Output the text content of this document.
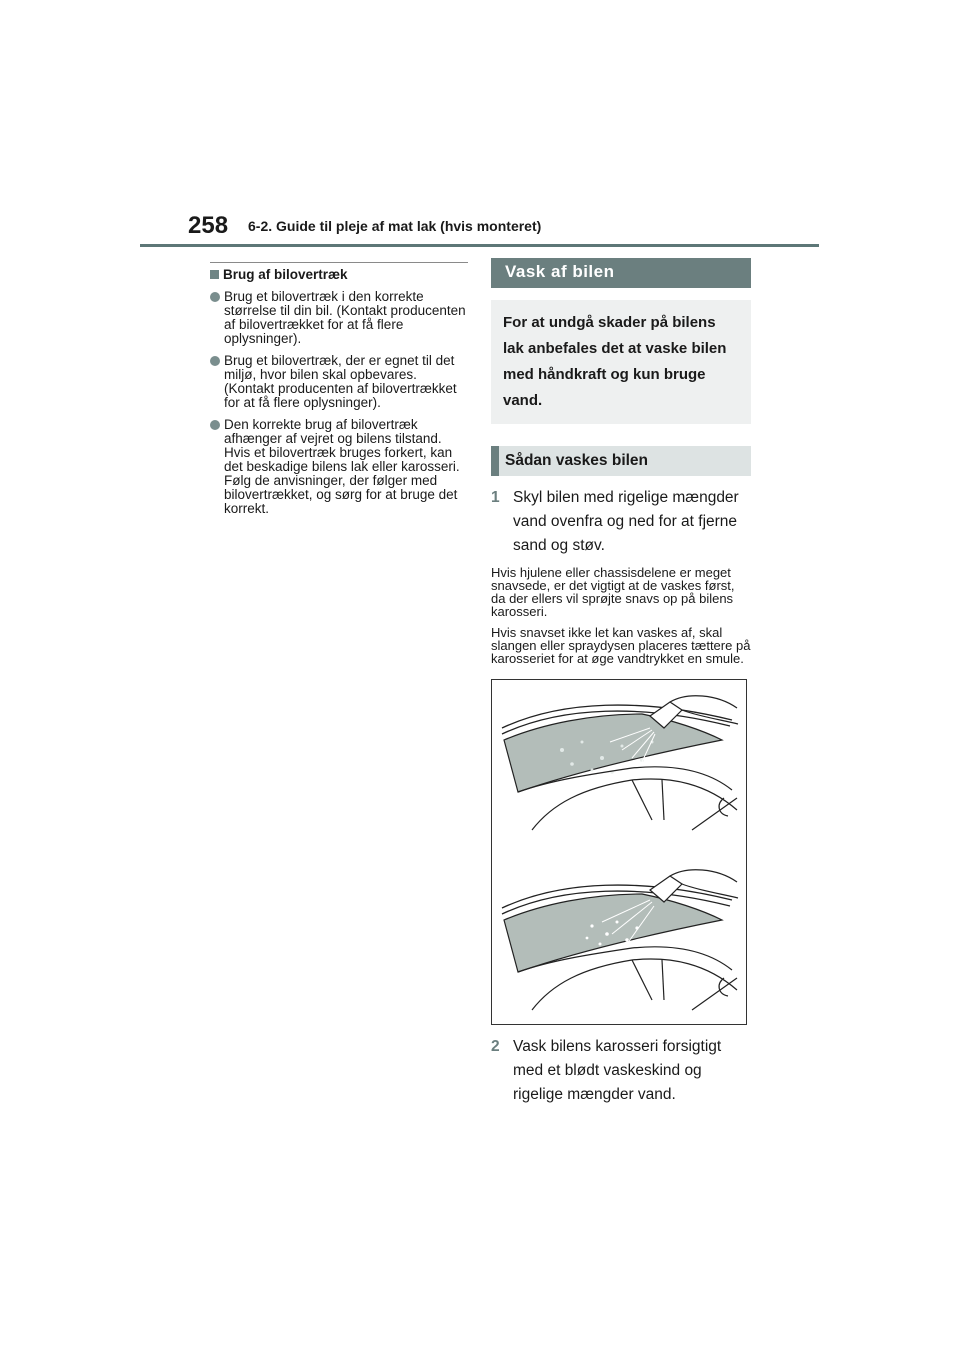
258 6-2. Guide til pleje af mat lak (hvis monteret)
Brug af bilovertræk
Brug et bilovertræk i den korrekte størrelse til din bil. (Kontakt producenten af bilovertrækket for at få flere oplysninger).
Brug et bilovertræk, der er egnet til det miljø, hvor bilen skal opbevares. (Kontakt producenten af bilovertrækket for at få flere oplysninger).
Den korrekte brug af bilovertræk afhænger af vejret og bilens tilstand. Hvis et bilovertræk bruges forkert, kan det beskadige bilens lak eller karosseri. Følg de anvisninger, der følger med bilovertrækket, og sørg for at bruge det korrekt.
Vask af bilen
For at undgå skader på bilens lak anbefales det at vaske bilen med håndkraft og kun bruge vand.
Sådan vaskes bilen
1 Skyl bilen med rigelige mængder vand ovenfra og ned for at fjerne sand og støv.
Hvis hjulene eller chassisdelene er meget snavsede, er det vigtigt at de vaskes først, da der ellers vil sprøjte snavs op på bilens karosseri.
Hvis snavset ikke let kan vaskes af, skal slangen eller spraydysen placeres tættere på karosseriet for at øge vandtrykket en smule.
2 Vask bilens karosseri forsigtigt med et blødt vaskeskind og rigelige mængder vand.
